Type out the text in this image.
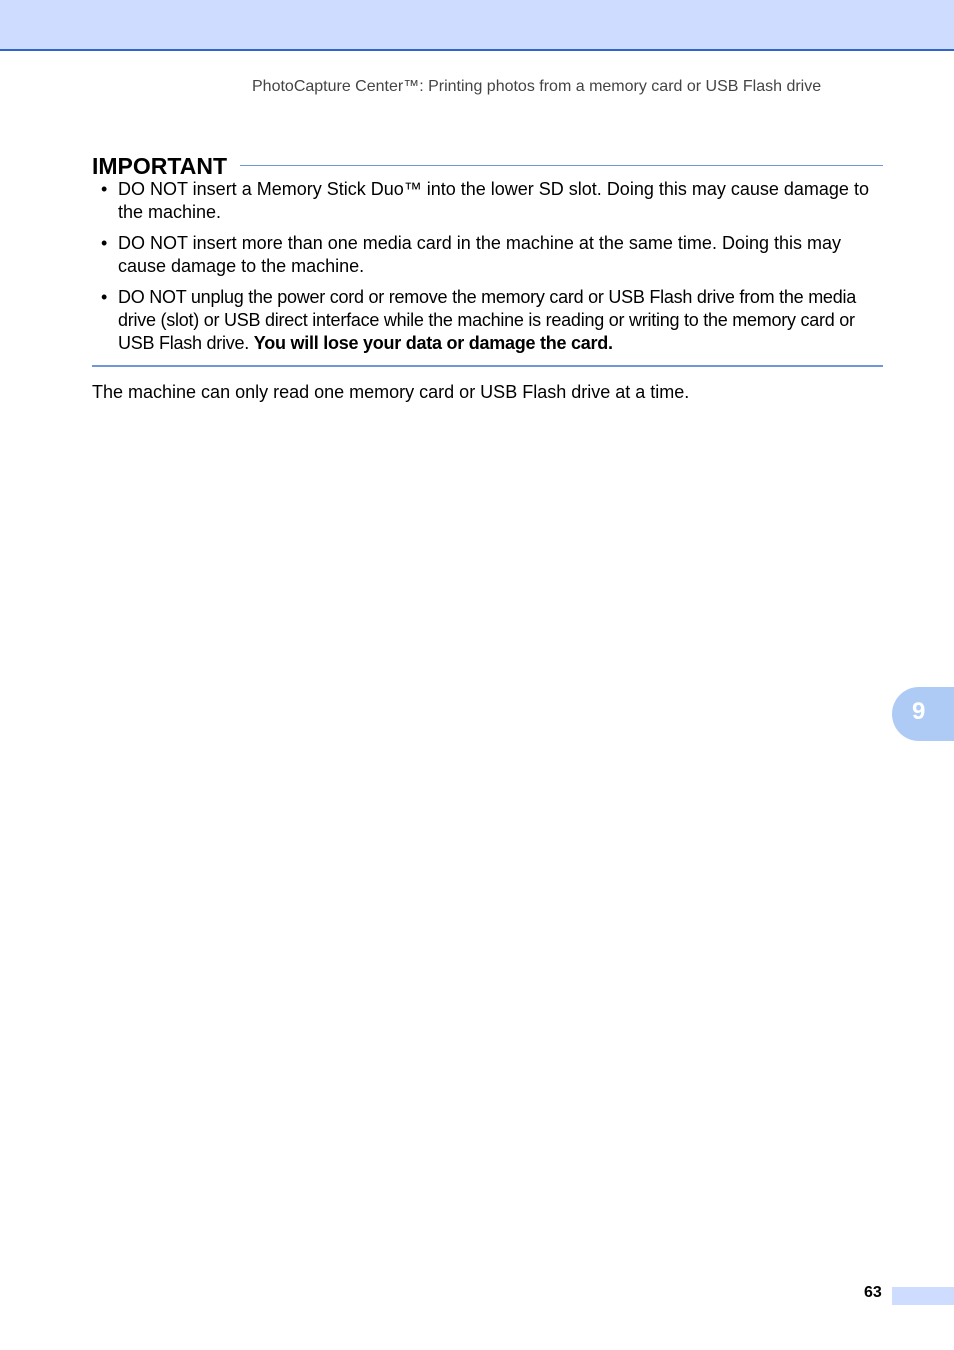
PhotoCapture Center™: Printing photos from a memory card or USB Flash drive
IMPORTANT
• DO NOT insert a Memory Stick Duo™ into the lower SD slot. Doing this may cause damage to the machine.
• DO NOT insert more than one media card in the machine at the same time. Doing this may cause damage to the machine.
• DO NOT unplug the power cord or remove the memory card or USB Flash drive from the media drive (slot) or USB direct interface while the machine is reading or writing to the memory card or USB Flash drive. You will lose your data or damage the card.
The machine can only read one memory card or USB Flash drive at a time.
9
63
